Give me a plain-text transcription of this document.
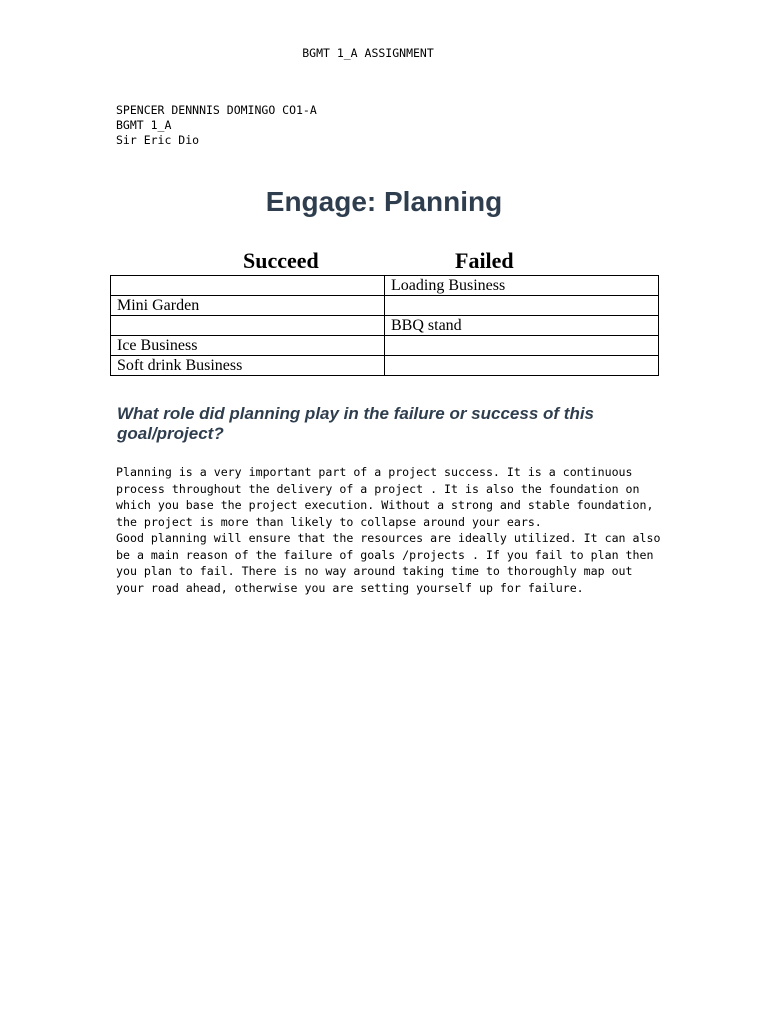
BGMT 1_A ASSIGNMENT
SPENCER DENNNIS DOMINGO CO1-A
BGMT 1_A
Sir Eric Dio
Engage: Planning
Succeed	Failed
	Loading Business
Mini Garden	
	BBQ stand
Ice Business	
Soft drink Business	
What role did planning play in the failure or success of this goal/project?

Planning is a very important part of a project success. It is a continuous process throughout the delivery of a project . It is also the foundation on which you base the project execution. Without a strong and stable foundation, the project is more than likely to collapse around your ears.

Good planning will ensure that the resources are ideally utilized. It can also be a main reason of the failure of goals /projects . If you fail to plan then you plan to fail. There is no way around taking time to thoroughly map out your road ahead, otherwise you are setting yourself up for failure.
